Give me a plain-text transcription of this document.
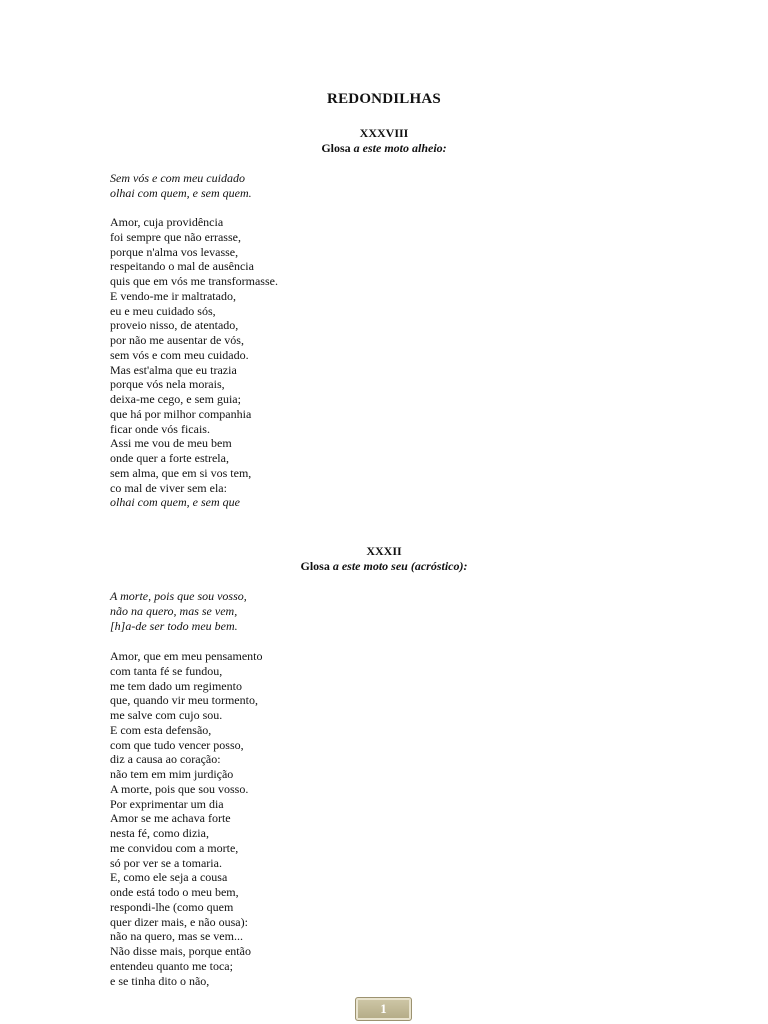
REDONDILHAS
XXXVIII
Glosa a este moto alheio:
Sem vós e com meu cuidado
olhai com quem, e sem quem.
Amor, cuja providência
foi sempre que não errasse,
porque n'alma vos levasse,
respeitando o mal de ausência
quis que em vós me transformasse.
E vendo-me ir maltratado,
eu e meu cuidado sós,
proveio nisso, de atentado,
por não me ausentar de vós,
sem vós e com meu cuidado.
Mas est'alma que eu trazia
porque vós nela morais,
deixa-me cego, e sem guia;
que há por milhor companhia
ficar onde vós ficais.
Assi me vou de meu bem
onde quer a forte estrela,
sem alma, que em si vos tem,
co mal de viver sem ela:
olhai com quem, e sem que
XXXII
Glosa a este moto seu (acróstico):
A morte, pois que sou vosso,
não na quero, mas se vem,
[h]a-de ser todo meu bem.
Amor, que em meu pensamento
com tanta fé se fundou,
me tem dado um regimento
que, quando vir meu tormento,
me salve com cujo sou.
E com esta defensão,
com que tudo vencer posso,
diz a causa ao coração:
não tem em mim jurdição
A morte, pois que sou vosso.
Por exprimentar um dia
Amor se me achava forte
nesta fé, como dizia,
me convidou com a morte,
só por ver se a tomaria.
E, como ele seja a cousa
onde está todo o meu bem,
respondi-lhe (como quem
quer dizer mais, e não ousa):
não na quero, mas se vem...
Não disse mais, porque então
entendeu quanto me toca;
e se tinha dito o não,
1
